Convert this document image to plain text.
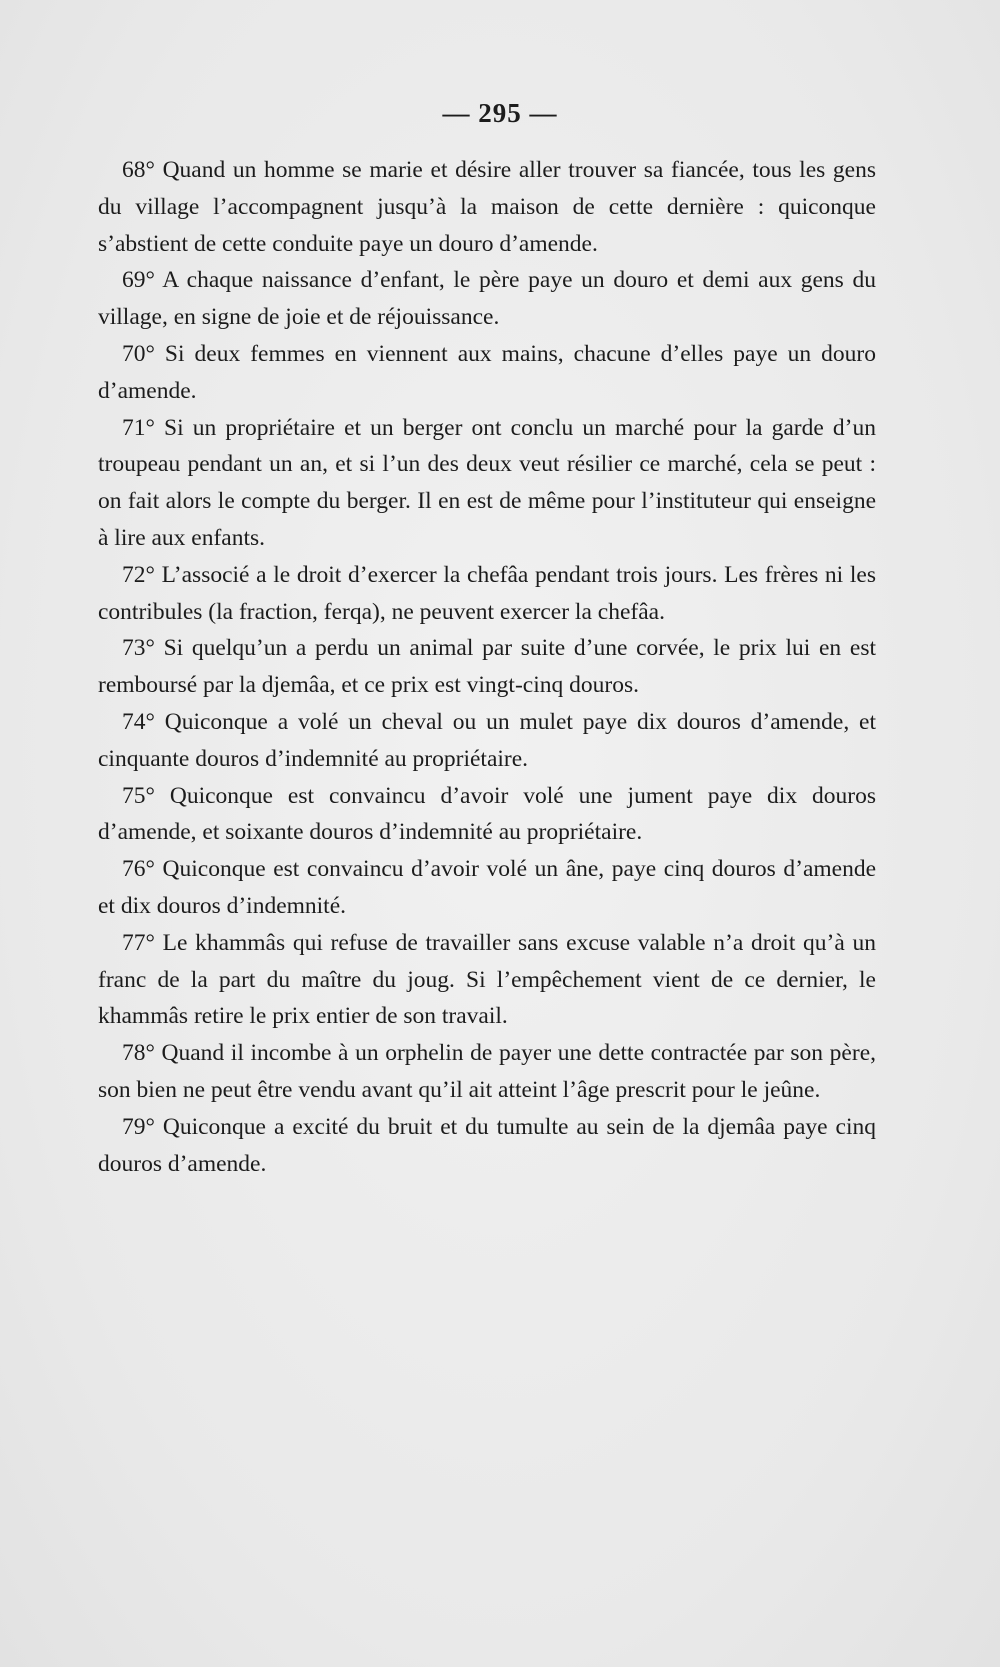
— 295 —

68° Quand un homme se marie et désire aller trouver sa fiancée, tous les gens du village l’accompagnent jusqu’à la maison de cette dernière : quiconque s’abstient de cette conduite paye un douro d’amende.

69° A chaque naissance d’enfant, le père paye un douro et demi aux gens du village, en signe de joie et de réjouissance.

70° Si deux femmes en viennent aux mains, chacune d’elles paye un douro d’amende.

71° Si un propriétaire et un berger ont conclu un marché pour la garde d’un troupeau pendant un an, et si l’un des deux veut résilier ce marché, cela se peut : on fait alors le compte du berger. Il en est de même pour l’instituteur qui enseigne à lire aux enfants.

72° L’associé a le droit d’exercer la chefâa pendant trois jours. Les frères ni les contribules (la fraction, ferqa), ne peuvent exercer la chefâa.

73° Si quelqu’un a perdu un animal par suite d’une corvée, le prix lui en est remboursé par la djemâa, et ce prix est vingt-cinq douros.

74° Quiconque a volé un cheval ou un mulet paye dix douros d’amende, et cinquante douros d’indemnité au propriétaire.

75° Quiconque est convaincu d’avoir volé une jument paye dix douros d’amende, et soixante douros d’indemnité au propriétaire.

76° Quiconque est convaincu d’avoir volé un âne, paye cinq douros d’amende et dix douros d’indemnité.

77° Le khammâs qui refuse de travailler sans excuse valable n’a droit qu’à un franc de la part du maître du joug. Si l’empêchement vient de ce dernier, le khammâs retire le prix entier de son travail.

78° Quand il incombe à un orphelin de payer une dette contractée par son père, son bien ne peut être vendu avant qu’il ait atteint l’âge prescrit pour le jeûne.

79° Quiconque a excité du bruit et du tumulte au sein de la djemâa paye cinq douros d’amende.
